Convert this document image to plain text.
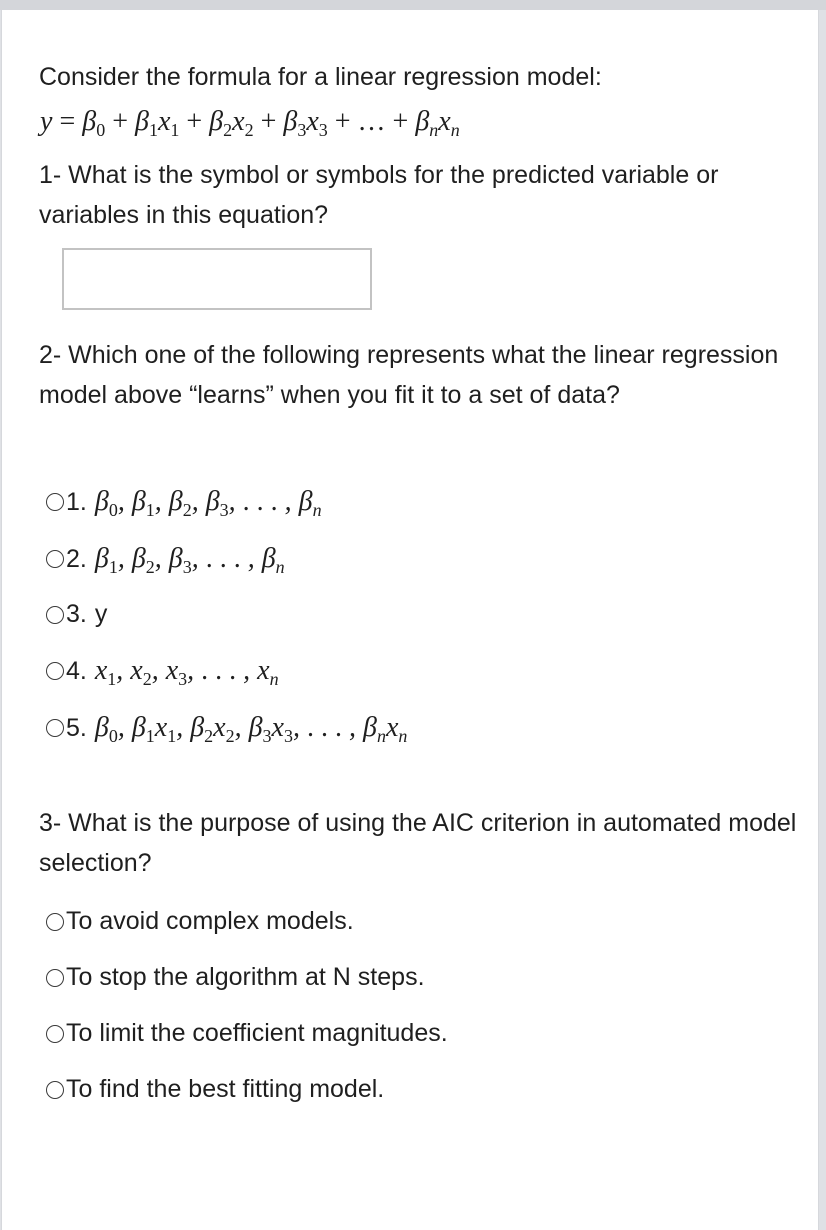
Consider the formula for a linear regression model:
$y = \beta_0 + \beta_1x_1 + \beta_2x_2 + \beta_3x_3$ + … + $\beta_nx_n$
1- What is the symbol or symbols for the predicted variable or variables in this equation?
2- Which one of the following represents what the linear regression model above “learns” when you fit it to a set of data?
1. $\beta_0$, $\beta_1$, $\beta_2$, $\beta_3$, . . . , $\beta_n$
2. $\beta_1$, $\beta_2$, $\beta_3$, . . . , $\beta_n$
3. y
4. $x_1$, $x_2$, $x_3$, . . . , $x_n$
5. $\beta_0$, $\beta_1x_1$, $\beta_2x_2$, $\beta_3x_3$, . . . , $\beta_nx_n$
3- What is the purpose of using the AIC criterion in automated model selection?
To avoid complex models.
To stop the algorithm at N steps.
To limit the coefficient magnitudes.
To find the best fitting model.
